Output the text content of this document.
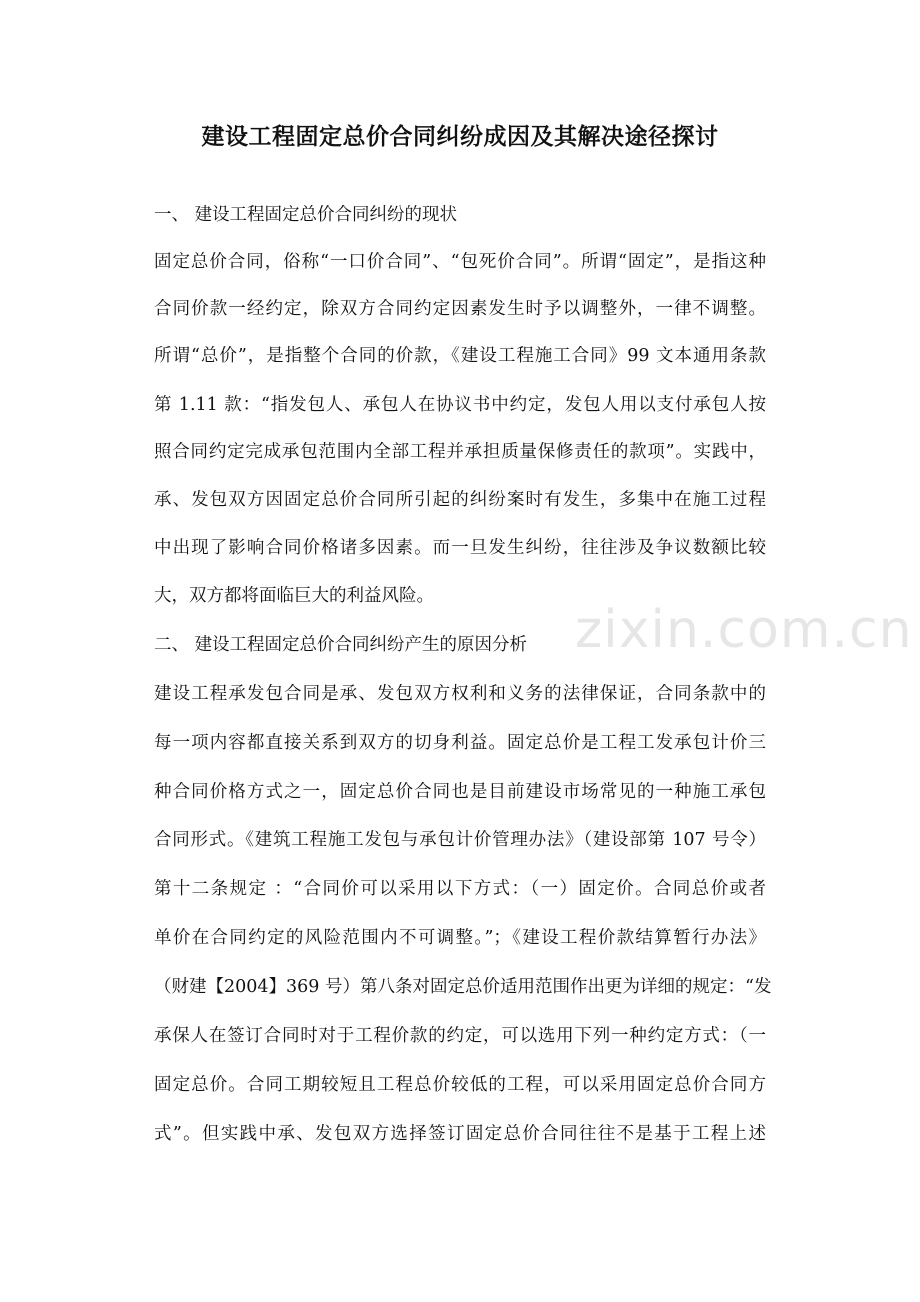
建设工程固定总价合同纠纷成因及其解决途径探讨
zixin.com.cn
一、 建设工程固定总价合同纠纷的现状
固定总价合同，俗称“一口价合同”、“包死价合同”。所谓“固定”，是指这种
合同价款一经约定，除双方合同约定因素发生时予以调整外，一律不调整。
所谓“总价”，是指整个合同的价款，《建设工程施工合同》99 文本通用条款
第 1.11 款：“指发包人、承包人在协议书中约定，发包人用以支付承包人按
照合同约定完成承包范围内全部工程并承担质量保修责任的款项”。实践中，
承、发包双方因固定总价合同所引起的纠纷案时有发生，多集中在施工过程
中出现了影响合同价格诸多因素。而一旦发生纠纷，往往涉及争议数额比较
大，双方都将面临巨大的利益风险。
二、 建设工程固定总价合同纠纷产生的原因分析
建设工程承发包合同是承、发包双方权利和义务的法律保证，合同条款中的
每一项内容都直接关系到双方的切身利益。固定总价是工程工发承包计价三
种合同价格方式之一，固定总价合同也是目前建设市场常见的一种施工承包
合同形式。《建筑工程施工发包与承包计价管理办法》（建设部第 107 号令）
第十二条规定 ：“合同价可以采用以下方式：（一）固定价。合同总价或者
单价在合同约定的风险范围内不可调整。”；《建设工程价款结算暂行办法》
（财建【2004】369 号）第八条对固定总价适用范围作出更为详细的规定：“发
承保人在签订合同时对于工程价款的约定，可以选用下列一种约定方式：（一
固定总价。合同工期较短且工程总价较低的工程，可以采用固定总价合同方
式”。但实践中承、发包双方选择签订固定总价合同往往不是基于工程上述
